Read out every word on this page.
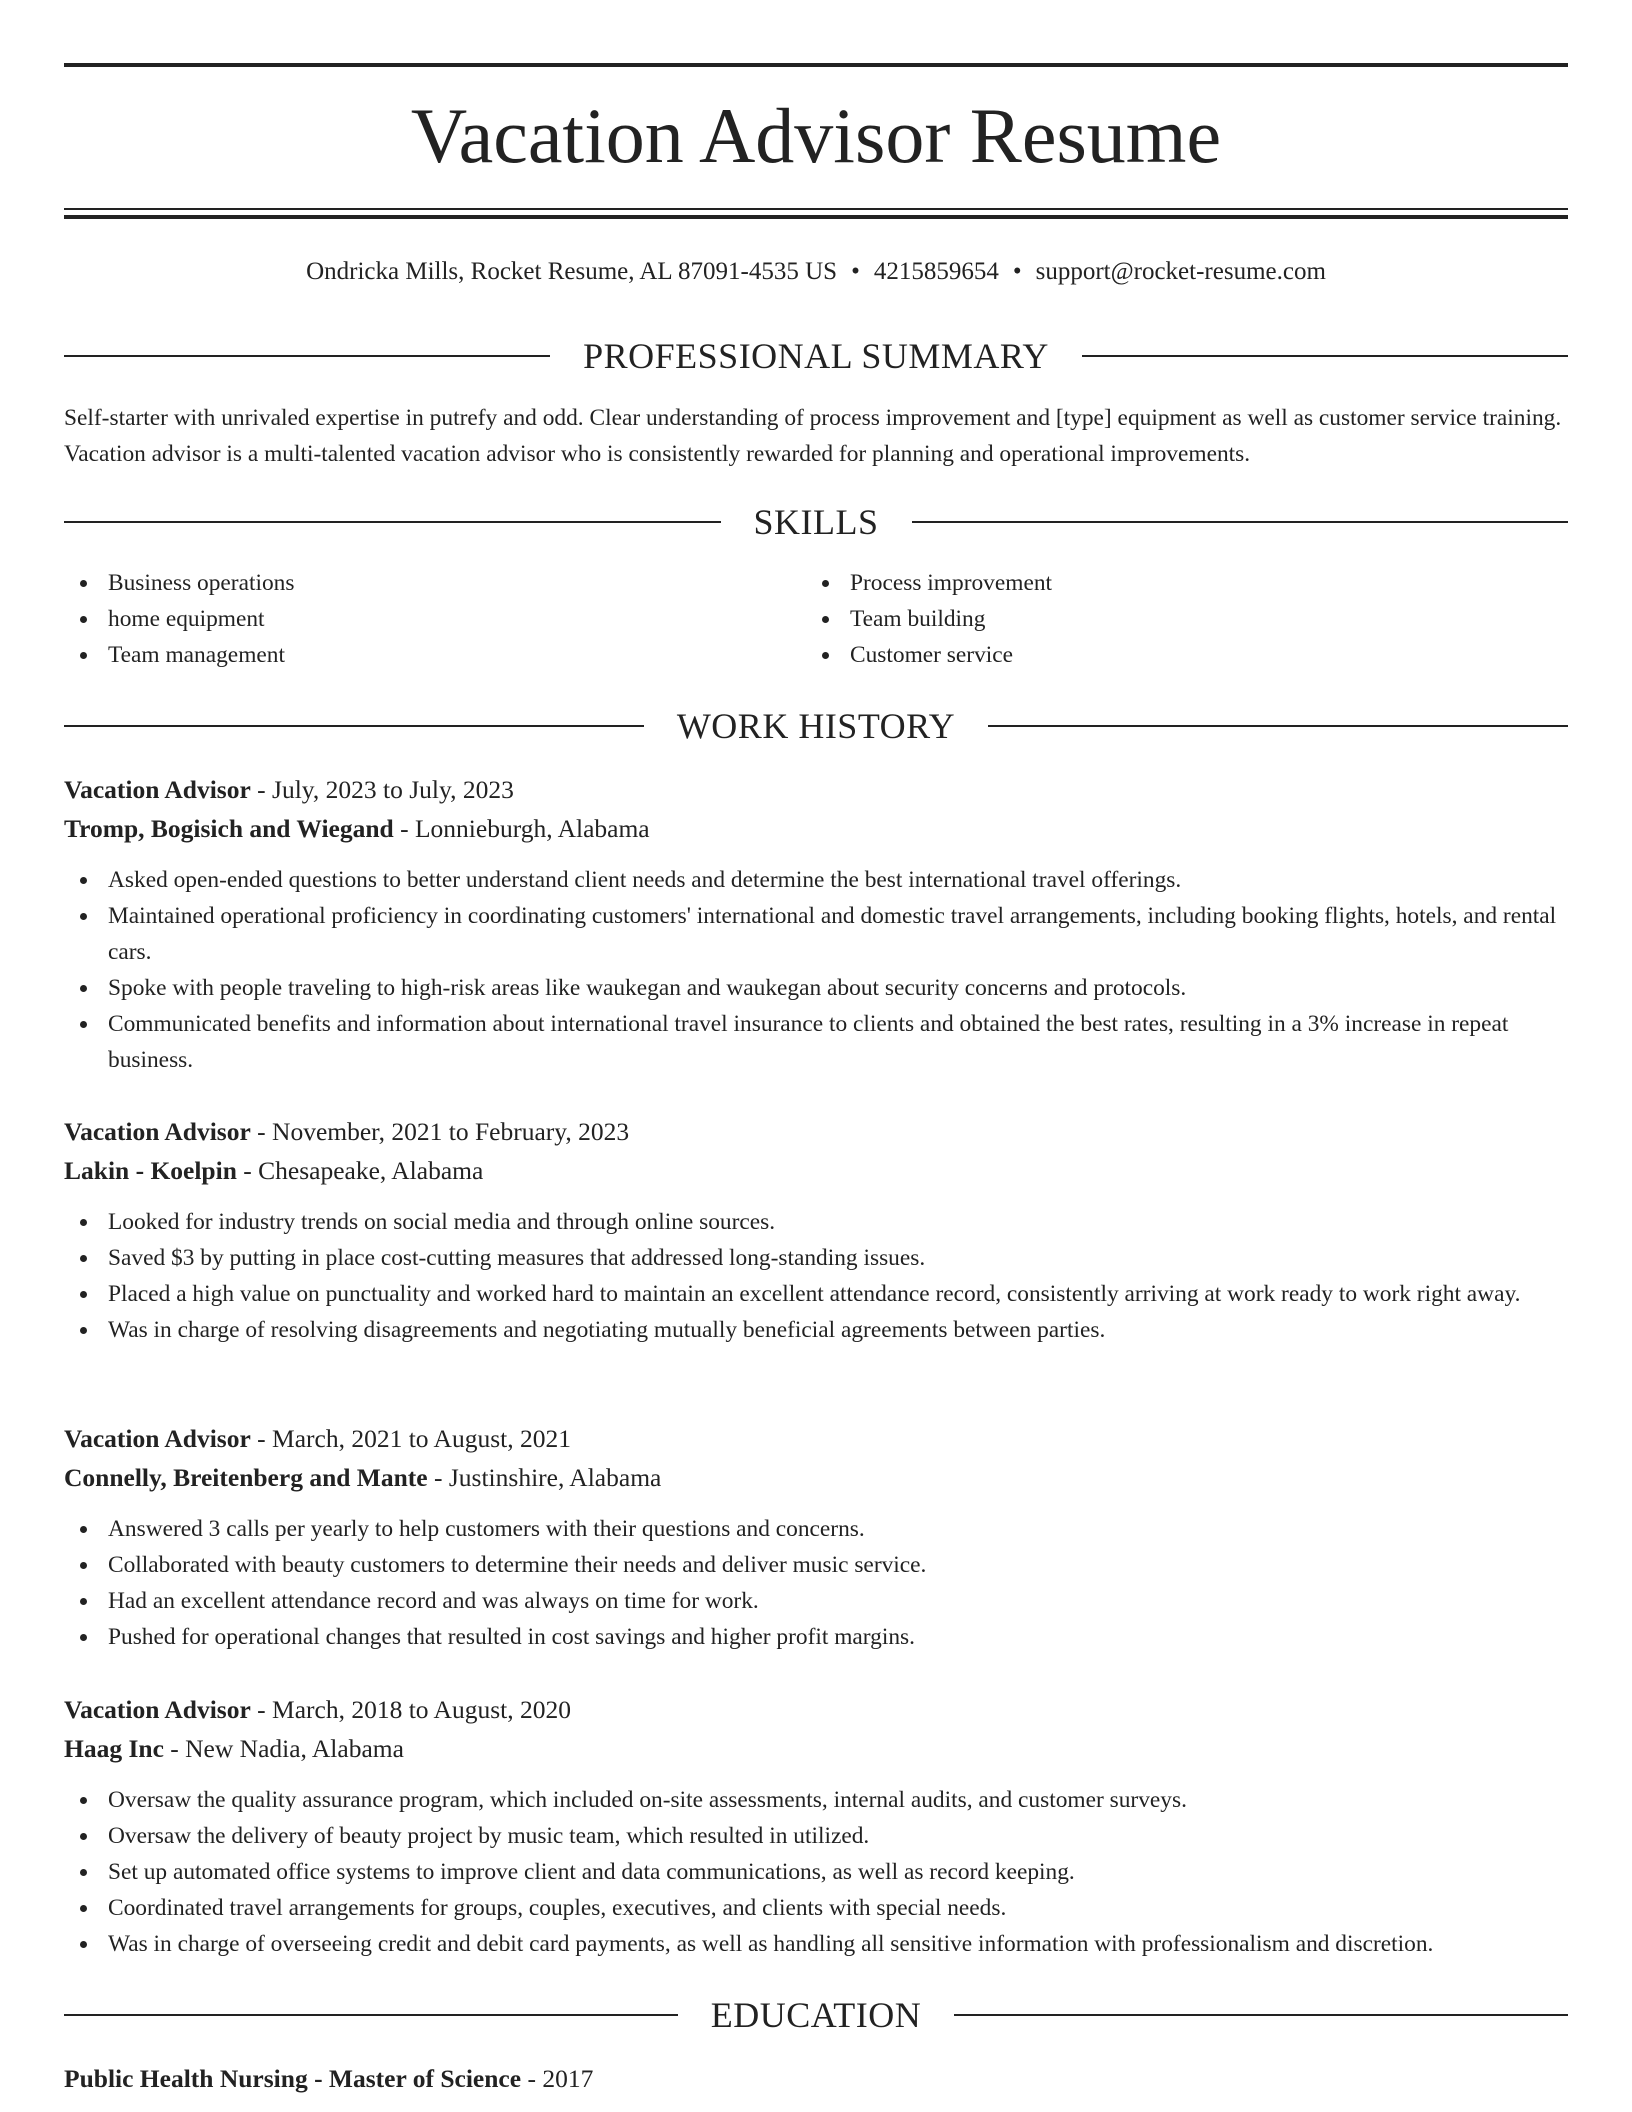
Vacation Advisor Resume
Ondricka Mills, Rocket Resume, AL 87091-4535 US • 4215859654 • support@rocket-resume.com
PROFESSIONAL SUMMARY

Self-starter with unrivaled expertise in putrefy and odd. Clear understanding of process improvement and [type] equipment as well as customer service training. Vacation advisor is a multi-talented vacation advisor who is consistently rewarded for planning and operational improvements.

SKILLS
Business operations
home equipment
Team management
Process improvement
Team building
Customer service
WORK HISTORY
Vacation Advisor - July, 2023 to July, 2023
Tromp, Bogisich and Wiegand - Lonnieburgh, Alabama
Asked open-ended questions to better understand client needs and determine the best international travel offerings.
Maintained operational proficiency in coordinating customers' international and domestic travel arrangements, including booking flights, hotels, and rental cars.
Spoke with people traveling to high-risk areas like waukegan and waukegan about security concerns and protocols.
Communicated benefits and information about international travel insurance to clients and obtained the best rates, resulting in a 3% increase in repeat business.
Vacation Advisor - November, 2021 to February, 2023
Lakin - Koelpin - Chesapeake, Alabama
Looked for industry trends on social media and through online sources.
Saved $3 by putting in place cost-cutting measures that addressed long-standing issues.
Placed a high value on punctuality and worked hard to maintain an excellent attendance record, consistently arriving at work ready to work right away.
Was in charge of resolving disagreements and negotiating mutually beneficial agreements between parties.
Vacation Advisor - March, 2021 to August, 2021
Connelly, Breitenberg and Mante - Justinshire, Alabama
Answered 3 calls per yearly to help customers with their questions and concerns.
Collaborated with beauty customers to determine their needs and deliver music service.
Had an excellent attendance record and was always on time for work.
Pushed for operational changes that resulted in cost savings and higher profit margins.
Vacation Advisor - March, 2018 to August, 2020
Haag Inc - New Nadia, Alabama
Oversaw the quality assurance program, which included on-site assessments, internal audits, and customer surveys.
Oversaw the delivery of beauty project by music team, which resulted in utilized.
Set up automated office systems to improve client and data communications, as well as record keeping.
Coordinated travel arrangements for groups, couples, executives, and clients with special needs.
Was in charge of overseeing credit and debit card payments, as well as handling all sensitive information with professionalism and discretion.
EDUCATION
Public Health Nursing - Master of Science - 2017
